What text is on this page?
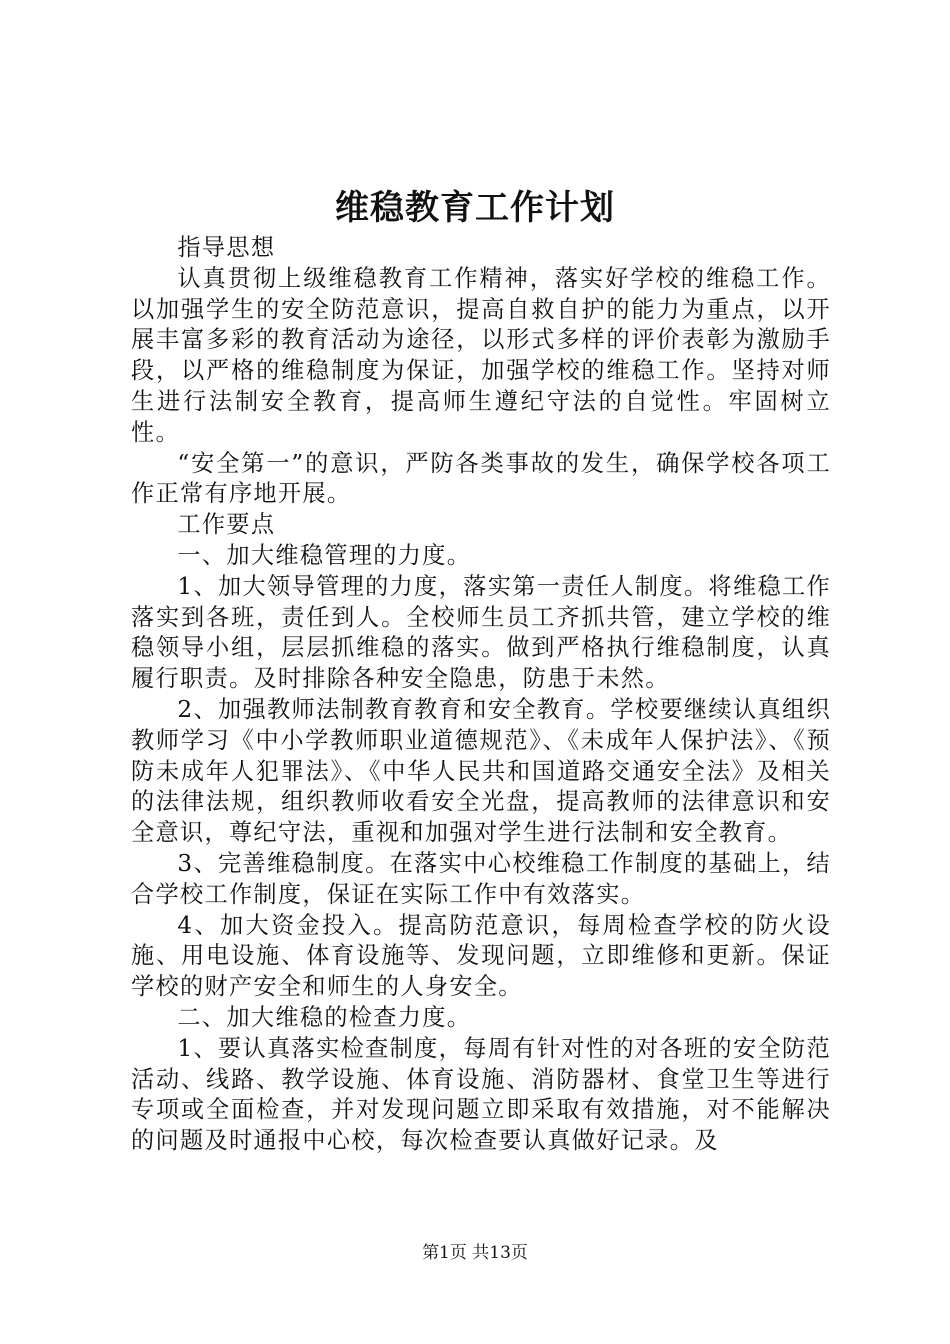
维稳教育工作计划

指导思想

认真贯彻上级维稳教育工作精神，落实好学校的维稳工作。以加强学生的安全防范意识，提高自救自护的能力为重点，以开展丰富多彩的教育活动为途径，以形式多样的评价表彰为激励手段，以严格的维稳制度为保证，加强学校的维稳工作。坚持对师生进行法制安全教育，提高师生遵纪守法的自觉性。牢固树立性。

“安全第一”的意识，严防各类事故的发生，确保学校各项工作正常有序地开展。

工作要点

一、加大维稳管理的力度。

1、加大领导管理的力度，落实第一责任人制度。将维稳工作落实到各班，责任到人。全校师生员工齐抓共管，建立学校的维稳领导小组，层层抓维稳的落实。做到严格执行维稳制度，认真履行职责。及时排除各种安全隐患，防患于未然。

2、加强教师法制教育教育和安全教育。学校要继续认真组织教师学习《中小学教师职业道德规范》、《未成年人保护法》、《预防未成年人犯罪法》、《中华人民共和国道路交通安全法》及相关的法律法规，组织教师收看安全光盘，提高教师的法律意识和安全意识，尊纪守法，重视和加强对学生进行法制和安全教育。

3、完善维稳制度。在落实中心校维稳工作制度的基础上，结合学校工作制度，保证在实际工作中有效落实。

4、加大资金投入。提高防范意识，每周检查学校的防火设施、用电设施、体育设施等、发现问题，立即维修和更新。保证学校的财产安全和师生的人身安全。

二、加大维稳的检查力度。

1、要认真落实检查制度，每周有针对性的对各班的安全防范活动、线路、教学设施、体育设施、消防器材、食堂卫生等进行专项或全面检查，并对发现问题立即采取有效措施，对不能解决的问题及时通报中心校，每次检查要认真做好记录。及

第1页 共13页
